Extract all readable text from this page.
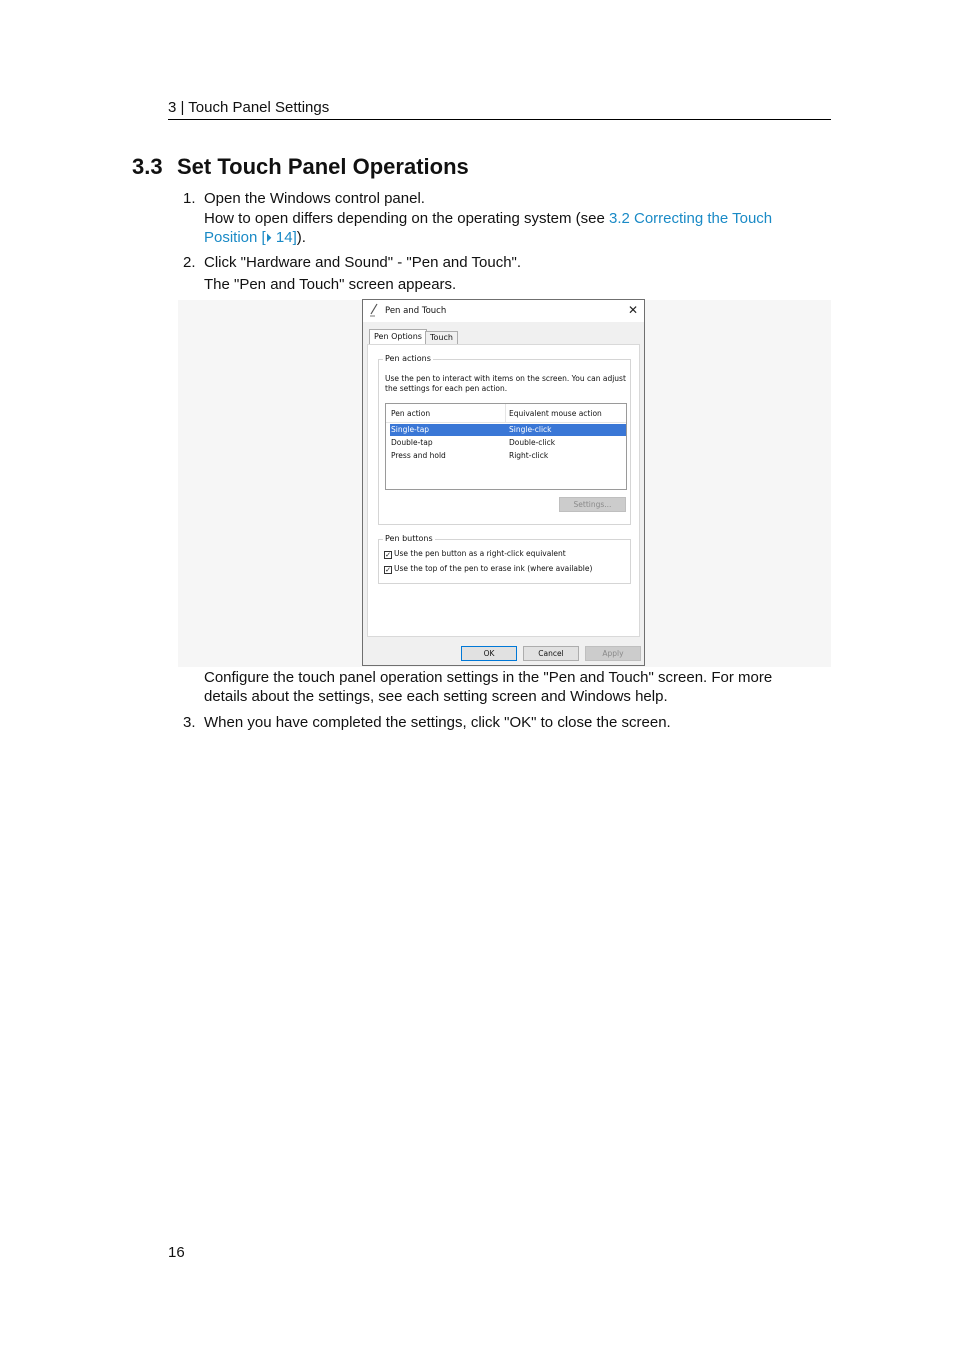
3 | Touch Panel Settings
3.3 Set Touch Panel Operations
1. Open the Windows control panel.
How to open differs depending on the operating system (see 3.2 Correcting the Touch
Position [⏵ 14]).
2. Click "Hardware and Sound" - "Pen and Touch".
The "Pen and Touch" screen appears.
Pen and Touch	✕
Pen Options	Touch
Pen actions
Use the pen to interact with items on the screen. You can adjust
the settings for each pen action.
Pen action	Equivalent mouse action
Single-tap	Single-click
Double-tap	Double-click
Press and hold	Right-click
Settings...
Pen buttons
✓ Use the pen button as a right-click equivalent
✓ Use the top of the pen to erase ink (where available)
OK	Cancel	Apply
Configure the touch panel operation settings in the "Pen and Touch" screen. For more
details about the settings, see each setting screen and Windows help.
3. When you have completed the settings, click "OK" to close the screen.
16
